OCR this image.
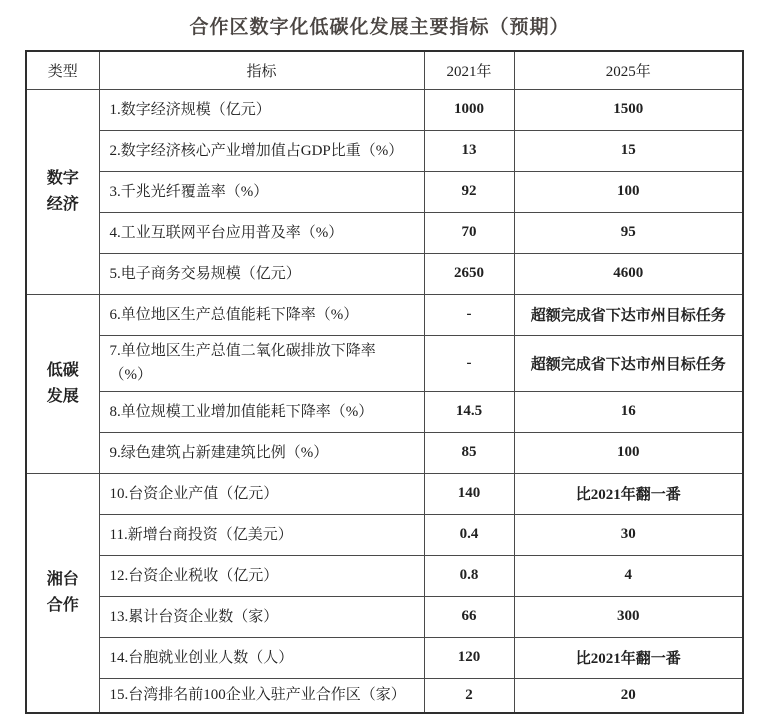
合作区数字化低碳化发展主要指标（预期）
类型	指标	2021年	2025年

数字
经济	1.数字经济规模（亿元）	1000	1500

	2.数字经济核心产业增加值占GDP比重（%）	13	15

	3.千兆光纤覆盖率（%）	92	100

	4.工业互联网平台应用普及率（%）	70	95

	5.电子商务交易规模（亿元）	2650	4600

低碳
发展	6.单位地区生产总值能耗下降率（%）	-	超额完成省下达市州目标任务

	7.单位地区生产总值二氧化碳排放下降率
（%）	-	超额完成省下达市州目标任务

	8.单位规模工业增加值能耗下降率（%）	14.5	16

	9.绿色建筑占新建建筑比例（%）	85	100

湘台
合作	10.台资企业产值（亿元）	140	比2021年翻一番

	11.新增台商投资（亿美元）	0.4	30

	12.台资企业税收（亿元）	0.8	4

	13.累计台资企业数（家）	66	300

	14.台胞就业创业人数（人）	120	比2021年翻一番

	15.台湾排名前100企业入驻产业合作区（家）	2	20
